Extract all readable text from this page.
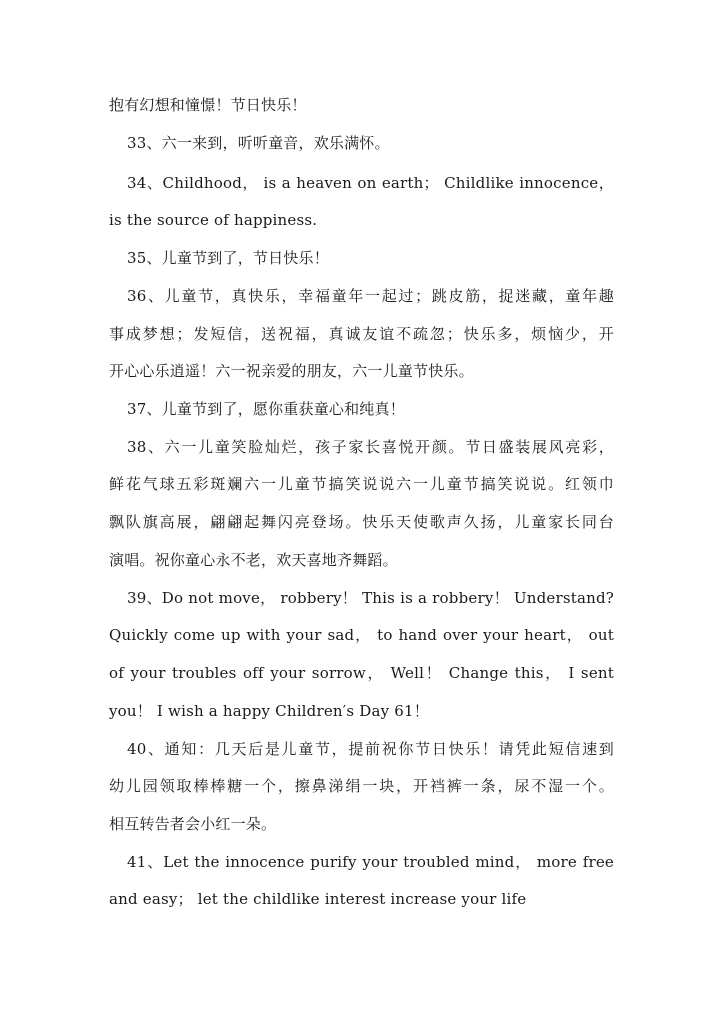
抱有幻想和憧憬！节日快乐！
33、六一来到，听听童音，欢乐满怀。
34、Childhood， is a heaven on earth； Childlike innocence，
is the source of happiness.
35、儿童节到了，节日快乐！
36、儿童节，真快乐，幸福童年一起过；跳皮筋，捉迷藏，童年趣
事成梦想；发短信，送祝福，真诚友谊不疏忽；快乐多，烦恼少，开
开心心乐逍遥！六一祝亲爱的朋友，六一儿童节快乐。
37、儿童节到了，愿你重获童心和纯真！
38、六一儿童笑脸灿烂，孩子家长喜悦开颜。节日盛装展风亮彩，
鲜花气球五彩斑斓六一儿童节搞笑说说六一儿童节搞笑说说。红领巾
飘队旗高展，翩翩起舞闪亮登场。快乐天使歌声久扬，儿童家长同台
演唱。祝你童心永不老，欢天喜地齐舞蹈。
39、Do not move， robbery！ This is a robbery！ Understand?
Quickly come up with your sad， to hand over your heart， out
of your troubles off your sorrow， Well！ Change this， I sent
you！ I wish a happy Children′s Day 61！
40、通知：几天后是儿童节，提前祝你节日快乐！请凭此短信速到
幼儿园领取棒棒糖一个，擦鼻涕绢一块，开裆裤一条，尿不湿一个。
相互转告者会小红一朵。
41、Let the innocence purify your troubled mind， more free
and easy； let the childlike interest increase your life
